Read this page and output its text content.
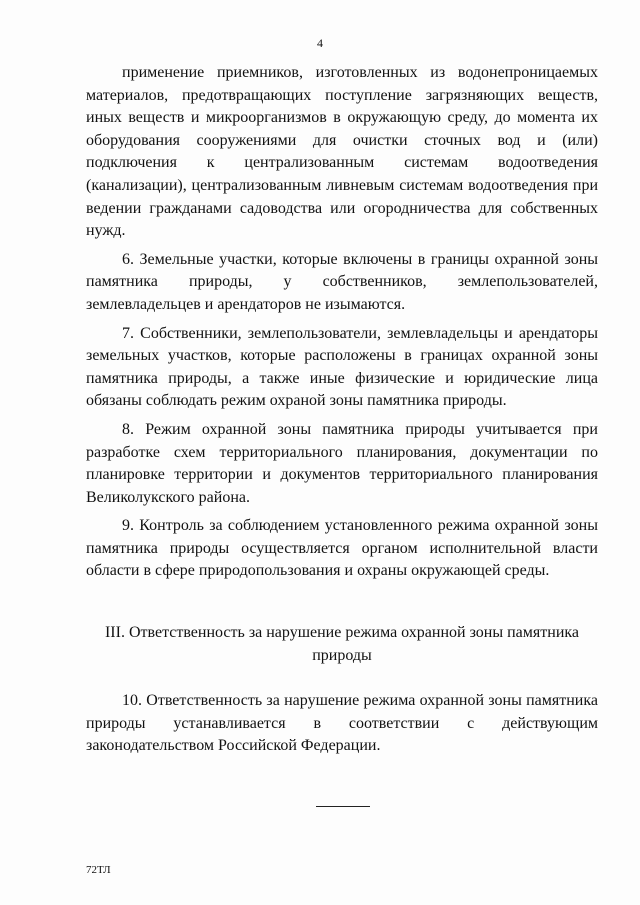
4

применение приемников, изготовленных из водонепроницаемых материалов, предотвращающих поступление загрязняющих веществ, иных веществ и микроорганизмов в окружающую среду, до момента их оборудования сооружениями для очистки сточных вод и (или) подключения к централизованным системам водоотведения (канализации), централизованным ливневым системам водоотведения при ведении гражданами садоводства или огородничества для собственных нужд.

6. Земельные участки, которые включены в границы охранной зоны памятника природы, у собственников, землепользователей, землевладельцев и арендаторов не изымаются.

7. Собственники, землепользователи, землевладельцы и арендаторы земельных участков, которые расположены в границах охранной зоны памятника природы, а также иные физические и юридические лица обязаны соблюдать режим охраной зоны памятника природы.

8. Режим охранной зоны памятника природы учитывается при разработке схем территориального планирования, документации по планировке территории и документов территориального планирования Великолукского района.

9. Контроль за соблюдением установленного режима охранной зоны памятника природы осуществляется органом исполнительной власти области в сфере природопользования и охраны окружающей среды.

III. Ответственность за нарушение режима охранной зоны памятника природы

10. Ответственность за нарушение режима охранной зоны памятника природы устанавливается в соответствии с действующим законодательством Российской Федерации.

72ТЛ
